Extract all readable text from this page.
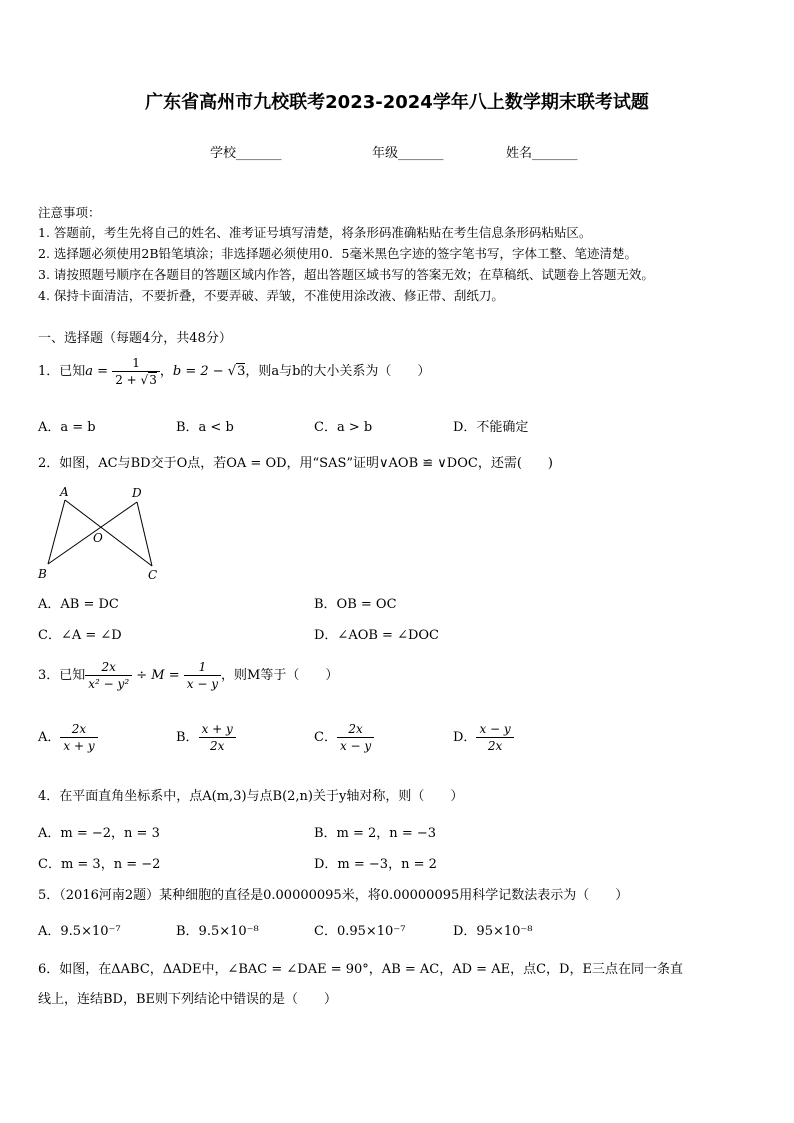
广东省高州市九校联考2023-2024学年八上数学期末联考试题
学校_______	年级_______	姓名_______
注意事项：
1. 答题前，考生先将自己的姓名、准考证号填写清楚，将条形码准确粘贴在考生信息条形码粘贴区。
2. 选择题必须使用2B铅笔填涂；非选择题必须使用0．5毫米黑色字迹的签字笔书写，字体工整、笔迹清楚。
3. 请按照题号顺序在各题目的答题区域内作答，超出答题区域书写的答案无效；在草稿纸、试题卷上答题无效。
4. 保持卡面清洁，不要折叠，不要弄破、弄皱，不准使用涂改液、修正带、刮纸刀。
一、选择题（每题4分，共48分）
1．已知$a = \frac{1}{2 + √3}$ ，b = 2 − √3，则a与b的大小关系为（　　）
A．a = b	B．a < b	C．a > b	D．不能确定
2．如图，AC与BD交于O点，若OA = OD，用“SAS”证明∨AOB ≌ ∨DOC，还需(　　)
A	D
O
B	C
A．AB = DC	B．OB = OC
C．∠A = ∠D	D．∠AOB = ∠DOC
3．已知 $\frac{2x}{\text{x² − y²}} \div M = \frac{1}{x - y}$ ，则M等于（　　）
A． $\frac{2x}{x + y}$	B． $\frac{x + y}{2x}$	C． $\frac{2x}{x - y}$	D． $\frac{x - y}{2x}$
4．在平面直角坐标系中，点A(m,3)与点B(2,n)关于y轴对称，则（　　）
A．m = −2，n = 3	B．m = 2，n = −3
C．m = 3，n = −2	D．m = −3，n = 2
5．（2016河南2题）某种细胞的直径是0.00000095米，将0.00000095用科学记数法表示为（　　）
A．9.5×10⁻⁷	B．9.5×10⁻⁸	C．0.95×10⁻⁷	D．95×10⁻⁸
6．如图，在ΔABC，ΔADE中，∠BAC = ∠DAE = 90°，AB = AC，AD = AE，点C，D，E三点在同一条直
线上，连结BD，BE则下列结论中错误的是（　　）
